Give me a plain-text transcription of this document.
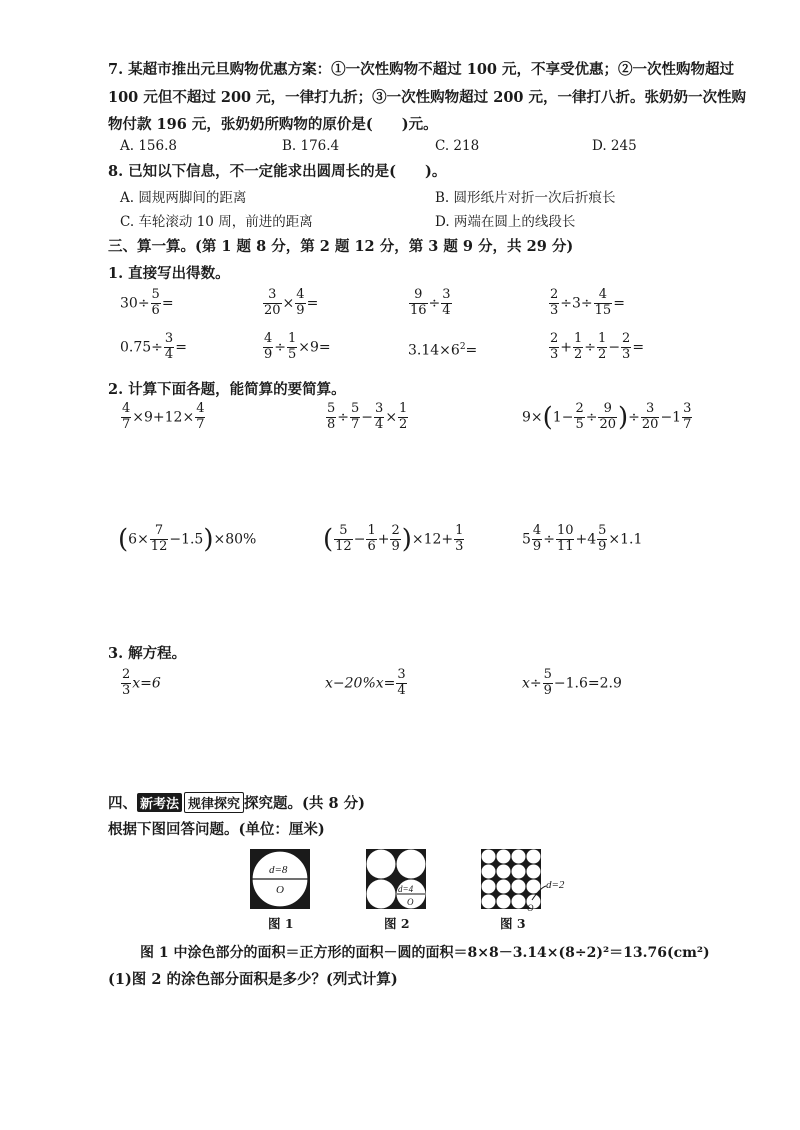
7. 某超市推出元旦购物优惠方案：①一次性购物不超过 100 元，不享受优惠；②一次性购物超过
100 元但不超过 200 元，一律打九折；③一次性购物超过 200 元，一律打八折。张奶奶一次性购
物付款 196 元，张奶奶所购物的原价是(　　)元。
A. 156.8	B. 176.4	C. 218	D. 245
8. 已知以下信息，不一定能求出圆周长的是(　　)。
A. 圆规两脚间的距离	B. 圆形纸片对折一次后折痕长
C. 车轮滚动 10 周，前进的距离	D. 两端在圆上的线段长
三、算一算。(第 1 题 8 分，第 2 题 12 分，第 3 题 9 分，共 29 分)
1. 直接写出得数。
$30\div \frac{5}{6}$ =	$\frac{3}{20} \times \frac{4}{9}$ =	$\frac{9}{16} \div \frac{3}{4}$	$\frac{2}{3} \div 3\div \frac{4}{15}$ =
$0.75\div \frac{3}{4}$ =	$\frac{4}{9} \div \frac{1}{5} \times 9=$	$3.14\times 6^2=$	$\frac{2}{3} + \frac{1}{2} \div \frac{1}{2} - \frac{2}{3}$ =
2. 计算下面各题，能简算的要简算。
$\frac{4}{7} \times 9+12\times \frac{4}{7}$	$\frac{5}{8} \div \frac{5}{7} - \frac{3}{4} \times \frac{1}{2}$	$9\times(1- \frac{2}{5} \div \frac{9}{20}$ )÷ $\frac{3}{20} -1 \frac{3}{7}$
$(6\times \frac{7}{12} -1.5)\times 80\%$	( $\frac{5}{12} - \frac{1}{6} + \frac{2}{9} )\times 12+ \frac{1}{3}$	$5 \frac{4}{9} \div \frac{10}{11} +4 \frac{5}{9} \times 1.1$
3. 解方程。
$\frac{2}{3} x=6$	$x-20\%x= \frac{3}{4}$	$x\div \frac{5}{9} -1.6=2.9$
四、 新考法 规律探究 探究题。(共 8 分)
根据下图回答问题。(单位：厘米)
d=8
O
图 1
d=4
O
图 2
d=2
O
图 3
图 1 中涂色部分的面积＝正方形的面积－圆的面积＝8×8－3.14×(8÷2)²＝13.76(cm²)
(1)图 2 的涂色部分面积是多少？(列式计算)
